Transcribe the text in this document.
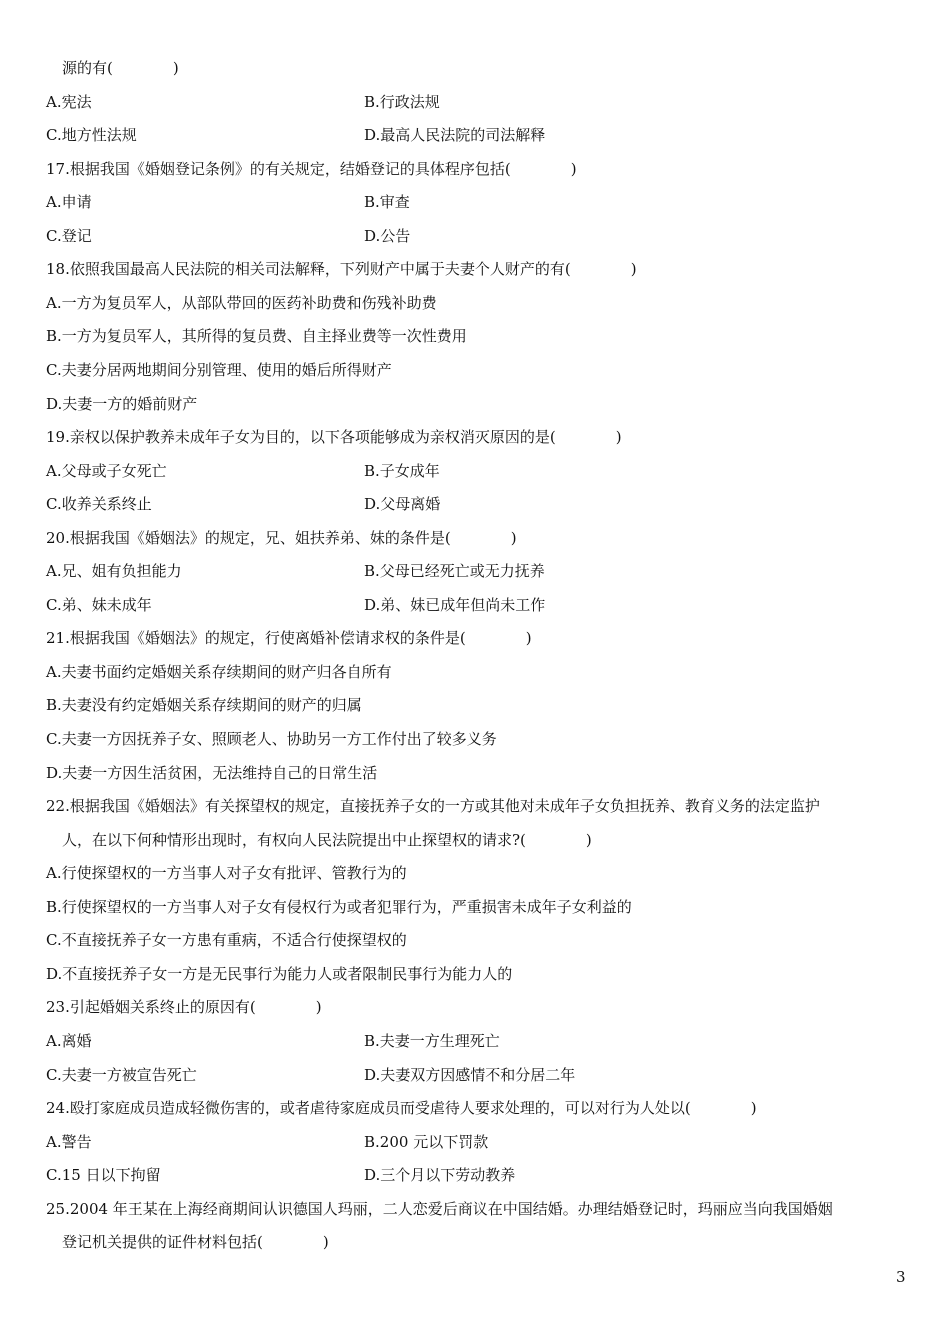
源的有(　　　　)
A.宪法	B.行政法规
C.地方性法规	D.最高人民法院的司法解释
17.根据我国《婚姻登记条例》的有关规定，结婚登记的具体程序包括(　　　　)
A.申请	B.审查
C.登记	D.公告
18.依照我国最高人民法院的相关司法解释，下列财产中属于夫妻个人财产的有(　　　　)
A.一方为复员军人，从部队带回的医药补助费和伤残补助费
B.一方为复员军人，其所得的复员费、自主择业费等一次性费用
C.夫妻分居两地期间分别管理、使用的婚后所得财产
D.夫妻一方的婚前财产
19.亲权以保护教养未成年子女为目的，以下各项能够成为亲权消灭原因的是(　　　　)
A.父母或子女死亡	B.子女成年
C.收养关系终止	D.父母离婚
20.根据我国《婚姻法》的规定，兄、姐扶养弟、妹的条件是(　　　　)
A.兄、姐有负担能力	B.父母已经死亡或无力抚养
C.弟、妹未成年	D.弟、妹已成年但尚未工作
21.根据我国《婚姻法》的规定，行使离婚补偿请求权的条件是(　　　　)
A.夫妻书面约定婚姻关系存续期间的财产归各自所有
B.夫妻没有约定婚姻关系存续期间的财产的归属
C.夫妻一方因抚养子女、照顾老人、协助另一方工作付出了较多义务
D.夫妻一方因生活贫困，无法维持自己的日常生活
22.根据我国《婚姻法》有关探望权的规定，直接抚养子女的一方或其他对未成年子女负担抚养、教育义务的法定监护
人，在以下何种情形出现时，有权向人民法院提出中止探望权的请求?(　　　　)
A.行使探望权的一方当事人对子女有批评、管教行为的
B.行使探望权的一方当事人对子女有侵权行为或者犯罪行为，严重损害未成年子女利益的
C.不直接抚养子女一方患有重病，不适合行使探望权的
D.不直接抚养子女一方是无民事行为能力人或者限制民事行为能力人的
23.引起婚姻关系终止的原因有(　　　　)
A.离婚	B.夫妻一方生理死亡
C.夫妻一方被宣告死亡	D.夫妻双方因感情不和分居二年
24.殴打家庭成员造成轻微伤害的，或者虐待家庭成员而受虐待人要求处理的，可以对行为人处以(　　　　)
A.警告	B.200 元以下罚款
C.15 日以下拘留	D.三个月以下劳动教养
25.2004 年王某在上海经商期间认识德国人玛丽，二人恋爱后商议在中国结婚。办理结婚登记时，玛丽应当向我国婚姻
登记机关提供的证件材料包括(　　　　)
3
